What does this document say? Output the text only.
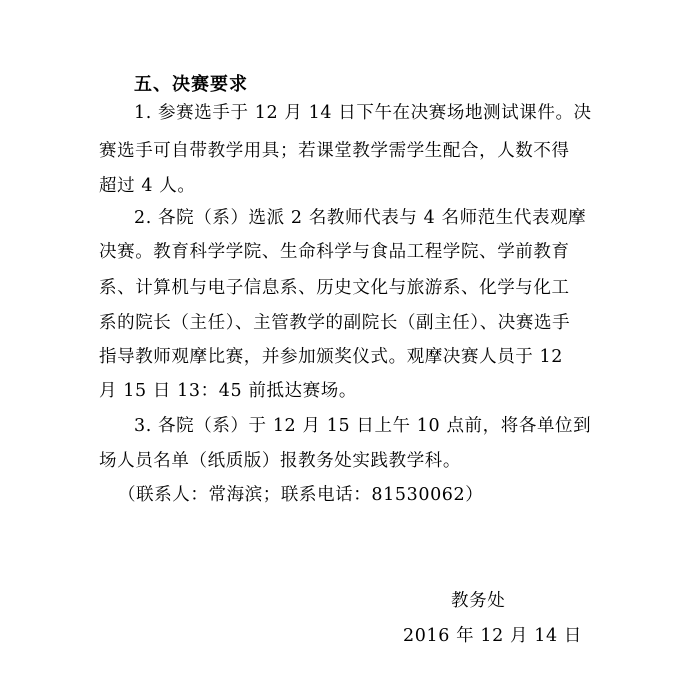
五、决赛要求
1. 参赛选手于 12 月 14 日下午在决赛场地测试课件。决
赛选手可自带教学用具；若课堂教学需学生配合，人数不得
超过 4 人。
2. 各院（系）选派 2 名教师代表与 4 名师范生代表观摩
决赛。教育科学学院、生命科学与食品工程学院、学前教育
系、计算机与电子信息系、历史文化与旅游系、化学与化工
系的院长（主任）、主管教学的副院长（副主任）、决赛选手
指导教师观摩比赛，并参加颁奖仪式。观摩决赛人员于 12
月 15 日 13：45 前抵达赛场。
3. 各院（系）于 12 月 15 日上午 10 点前，将各单位到
场人员名单（纸质版）报教务处实践教学科。
（联系人：常海滨；联系电话：81530062）
教务处
2016 年 12 月 14 日
